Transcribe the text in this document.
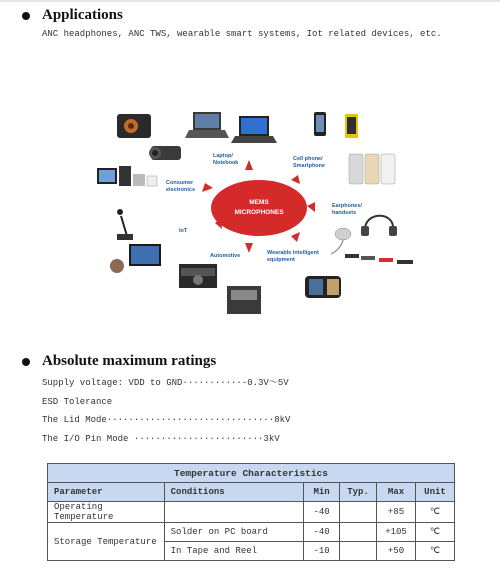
Applications
ANC headphones, ANC TWS, wearable smart systems, Iot related devices, etc.
MEMS
MICROPHONES
Laptop/
Notebook
Cell phone/
Smartphone
Consumer
electronics
Earphones/
handsets
IoT
Automotive	Wearable intelligent
equipment
Absolute maximum ratings
Supply voltage: VDD to GND···········-0.3V～5V
ESD Tolerance
The Lid Mode·······························8kV
The I/O Pin Mode ························3kV
Temperature Characteristics					
Parameter	Conditions	Min	Typ.	Max	Unit
Operating Temperature		-40		+85	℃
Storage Temperature	Solder on PC board	-40		+105	℃
	In Tape and Reel	-10		+50	℃
